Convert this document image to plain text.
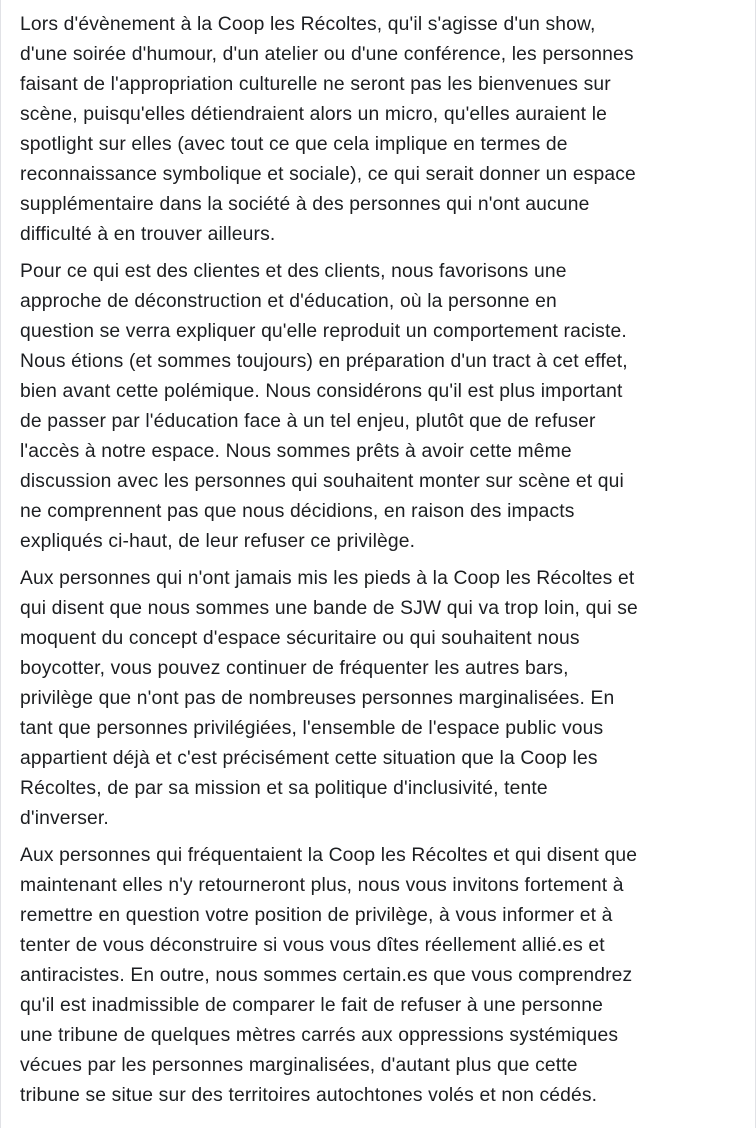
Lors d'évènement à la Coop les Récoltes, qu'il s'agisse d'un show,
d'une soirée d'humour, d'un atelier ou d'une conférence, les personnes
faisant de l'appropriation culturelle ne seront pas les bienvenues sur
scène, puisqu'elles détiendraient alors un micro, qu'elles auraient le
spotlight sur elles (avec tout ce que cela implique en termes de
reconnaissance symbolique et sociale), ce qui serait donner un espace
supplémentaire dans la société à des personnes qui n'ont aucune
difficulté à en trouver ailleurs.

Pour ce qui est des clientes et des clients, nous favorisons une
approche de déconstruction et d'éducation, où la personne en
question se verra expliquer qu'elle reproduit un comportement raciste.
Nous étions (et sommes toujours) en préparation d'un tract à cet effet,
bien avant cette polémique. Nous considérons qu'il est plus important
de passer par l'éducation face à un tel enjeu, plutôt que de refuser
l'accès à notre espace. Nous sommes prêts à avoir cette même
discussion avec les personnes qui souhaitent monter sur scène et qui
ne comprennent pas que nous décidions, en raison des impacts
expliqués ci-haut, de leur refuser ce privilège.

Aux personnes qui n'ont jamais mis les pieds à la Coop les Récoltes et
qui disent que nous sommes une bande de SJW qui va trop loin, qui se
moquent du concept d'espace sécuritaire ou qui souhaitent nous
boycotter, vous pouvez continuer de fréquenter les autres bars,
privilège que n'ont pas de nombreuses personnes marginalisées. En
tant que personnes privilégiées, l'ensemble de l'espace public vous
appartient déjà et c'est précisément cette situation que la Coop les
Récoltes, de par sa mission et sa politique d'inclusivité, tente
d'inverser.

Aux personnes qui fréquentaient la Coop les Récoltes et qui disent que
maintenant elles n'y retourneront plus, nous vous invitons fortement à
remettre en question votre position de privilège, à vous informer et à
tenter de vous déconstruire si vous vous dîtes réellement allié.es et
antiracistes. En outre, nous sommes certain.es que vous comprendrez
qu'il est inadmissible de comparer le fait de refuser à une personne
une tribune de quelques mètres carrés aux oppressions systémiques
vécues par les personnes marginalisées, d'autant plus que cette
tribune se situe sur des territoires autochtones volés et non cédés.
